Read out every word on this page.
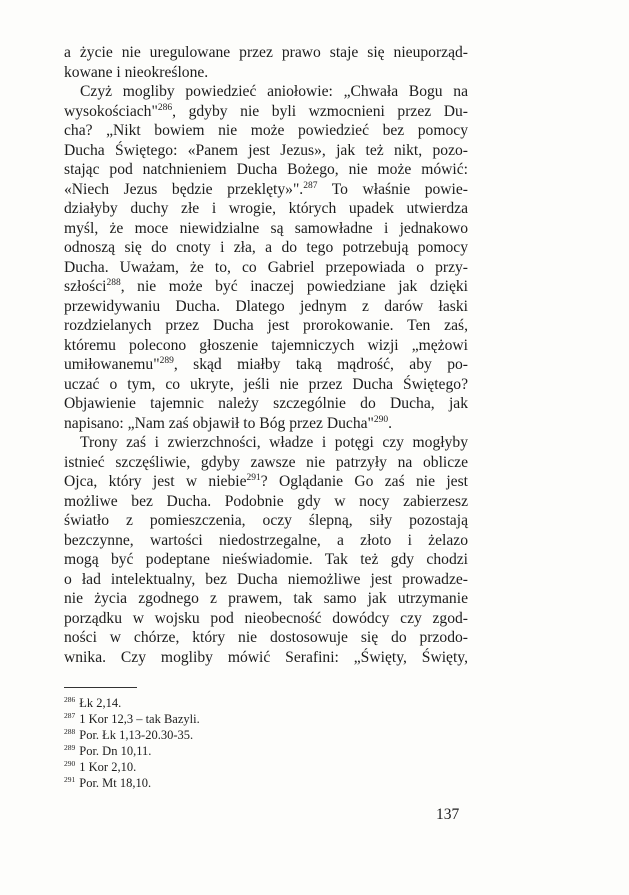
a życie nie uregulowane przez prawo staje się nieuporząd-
kowane i nieokreślone.
Czyż mogliby powiedzieć aniołowie: „Chwała Bogu na
wysokościach"$^{286}$, gdyby nie byli wzmocnieni przez Du-
cha? „Nikt bowiem nie może powiedzieć bez pomocy
Ducha Świętego: «Panem jest Jezus», jak też nikt, pozo-
stając pod natchnieniem Ducha Bożego, nie może mówić:
«Niech Jezus będzie przeklęty»".$^{287}$ To właśnie powie-
działyby duchy złe i wrogie, których upadek utwierdza
myśl, że moce niewidzialne są samowładne i jednakowo
odnoszą się do cnoty i zła, a do tego potrzebują pomocy
Ducha. Uważam, że to, co Gabriel przepowiada o przy-
szłości$^{288}$, nie może być inaczej powiedziane jak dzięki
przewidywaniu Ducha. Dlatego jednym z darów łaski
rozdzielanych przez Ducha jest prorokowanie. Ten zaś,
któremu polecono głoszenie tajemniczych wizji „mężowi
umiłowanemu"$^{289}$, skąd miałby taką mądrość, aby po-
uczać o tym, co ukryte, jeśli nie przez Ducha Świętego?
Objawienie tajemnic należy szczególnie do Ducha, jak
napisano: „Nam zaś objawił to Bóg przez Ducha"$^{290}$.
Trony zaś i zwierzchności, władze i potęgi czy mogłyby
istnieć szczęśliwie, gdyby zawsze nie patrzyły na oblicze
Ojca, który jest w niebie$^{291}$? Oglądanie Go zaś nie jest
możliwe bez Ducha. Podobnie gdy w nocy zabierzesz
światło z pomieszczenia, oczy ślepną, siły pozostają
bezczynne, wartości niedostrzegalne, a złoto i żelazo
mogą być podeptane nieświadomie. Tak też gdy chodzi
o ład intelektualny, bez Ducha niemożliwe jest prowadze-
nie życia zgodnego z prawem, tak samo jak utrzymanie
porządku w wojsku pod nieobecność dowódcy czy zgod-
ności w chórze, który nie dostosowuje się do przodo-
wnika. Czy mogliby mówić Serafini: „Święty, Święty,
$^{286}$ Łk 2,14.
$^{287}$ 1 Kor 12,3 – tak Bazyli.
$^{288}$ Por. Łk 1,13-20.30-35.
$^{289}$ Por. Dn 10,11.
$^{290}$ 1 Kor 2,10.
$^{291}$ Por. Mt 18,10.
137
